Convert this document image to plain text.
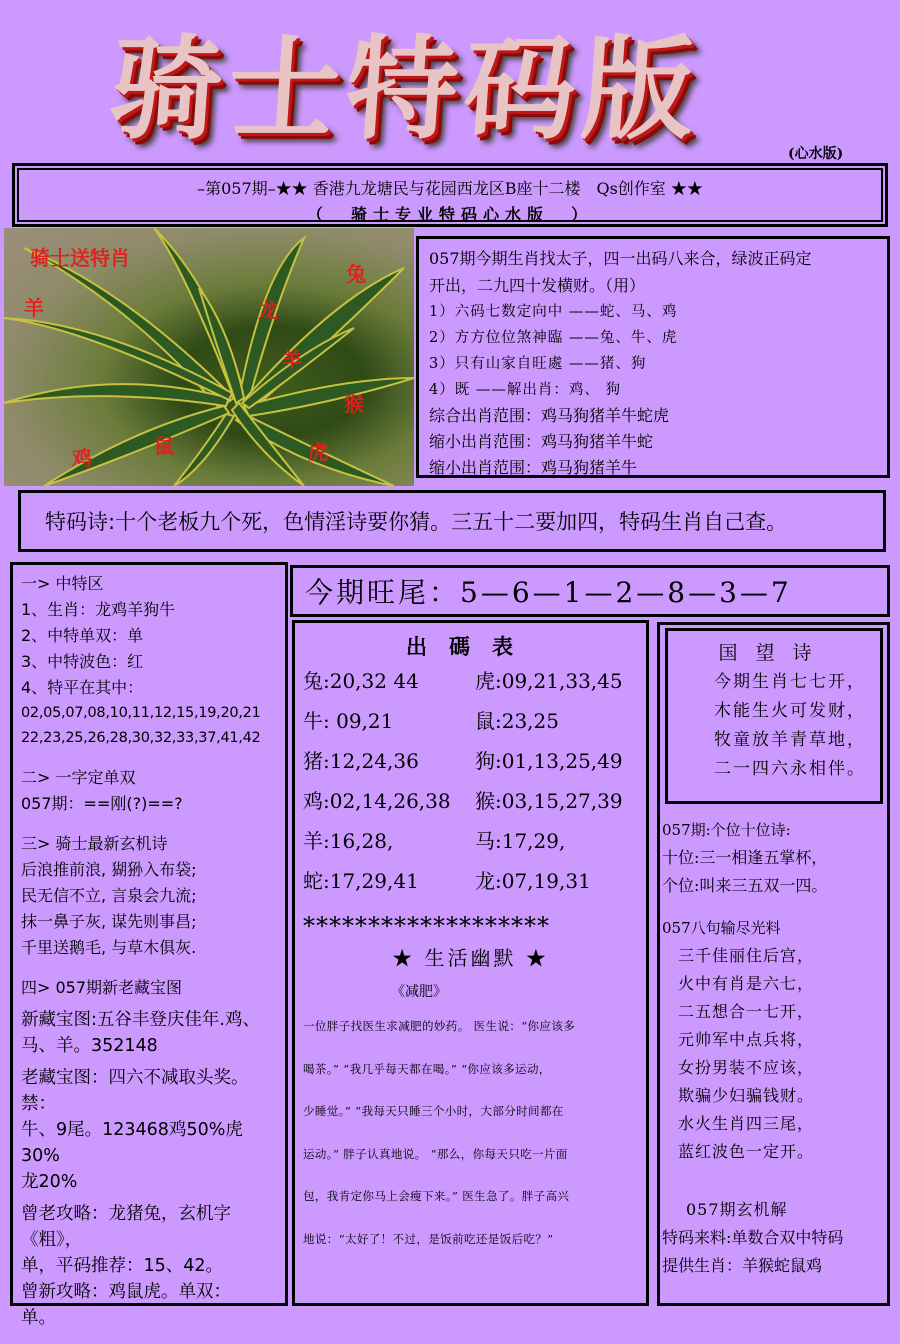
骑士特码版	(心水版)
–第057期–★★ 香港九龙塘民与花园西龙区B座十二楼　Qs创作室 ★★
（　骑士专业特码心水版　）
骑士送特肖
兔
羊	龙
羊
猴
鸡	鼠	虎
057期今期生肖找太子，四一出码八来合，绿波正码定
开出，二九四十发横财。（用）
1）六码七数定向中 ——蛇、马、鸡
2）方方位位煞神臨 ——兔、牛、虎
3）只有山家自旺處 ——猪、狗
4）既 ——解出肖：鸡、 狗
综合出肖范围：鸡马狗猪羊牛蛇虎
缩小出肖范围：鸡马狗猪羊牛蛇
缩小出肖范围：鸡马狗猪羊牛
特码诗:十个老板九个死，色情淫诗要你猜。三五十二要加四，特码生肖自己查。
一> 中特区
1、生肖：龙鸡羊狗牛
2、中特单双：单
3、中特波色：红
4、特平在其中：
02,05,07,08,10,11,12,15,19,20,21
22,23,25,26,28,30,32,33,37,41,42
二> 一字定单双
057期：==刚(?)==?
三> 骑士最新玄机诗
后浪推前浪, 猢狲入布袋;
民无信不立, 言泉会九流;
抹一鼻子灰, 谋先则事昌;
千里送鹅毛, 与草木俱灰.
四> 057期新老藏宝图
新藏宝图:五谷丰登庆佳年.鸡、
马、羊。352148
老藏宝图：四六不减取头奖。禁：
牛、9尾。123468鸡50%虎30%
龙20%
曾老攻略：龙猪兔，玄机字《粗》，
单，平码推荐：15、42。
曾新攻略：鸡鼠虎。单双：
单。
今期旺尾：5—6—1—2—8—3—7
出碼表
兔:20,32 44	虎:09,21,33,45
牛: 09,21	鼠:23,25
猪:12,24,36	狗:01,13,25,49
鸡:02,14,26,38	猴:03,15,27,39
羊:16,28,	马:17,29,
蛇:17,29,41	龙:07,19,31
*******************
★ 生活幽默 ★
《减肥》
一位胖子找医生求减肥的妙药。 医生说：“你应该多
喝茶。” “我几乎每天都在喝。” “你应该多运动，
少睡觉。” “我每天只睡三个小时，大部分时间都在
运动。” 胖子认真地说。 “那么，你每天只吃一片面
包，我肯定你马上会瘦下来。” 医生急了。胖子高兴
地说：“太好了！不过，是饭前吃还是饭后吃？”
国望诗
今期生肖七七开，
木能生火可发财，
牧童放羊青草地，
二一四六永相伴。
057期:个位十位诗:
十位:三一相逢五掌杯，
个位:叫来三五双一四。
057八句输尽光料
三千佳丽住后宫，
火中有肖是六七，
二五想合一七开，
元帅军中点兵将，
女扮男装不应该，
欺骗少妇骗钱财。
水火生肖四三尾，
蓝红波色一定开。
057期玄机解
特码来料:单数合双中特码
提供生肖：羊猴蛇鼠鸡
